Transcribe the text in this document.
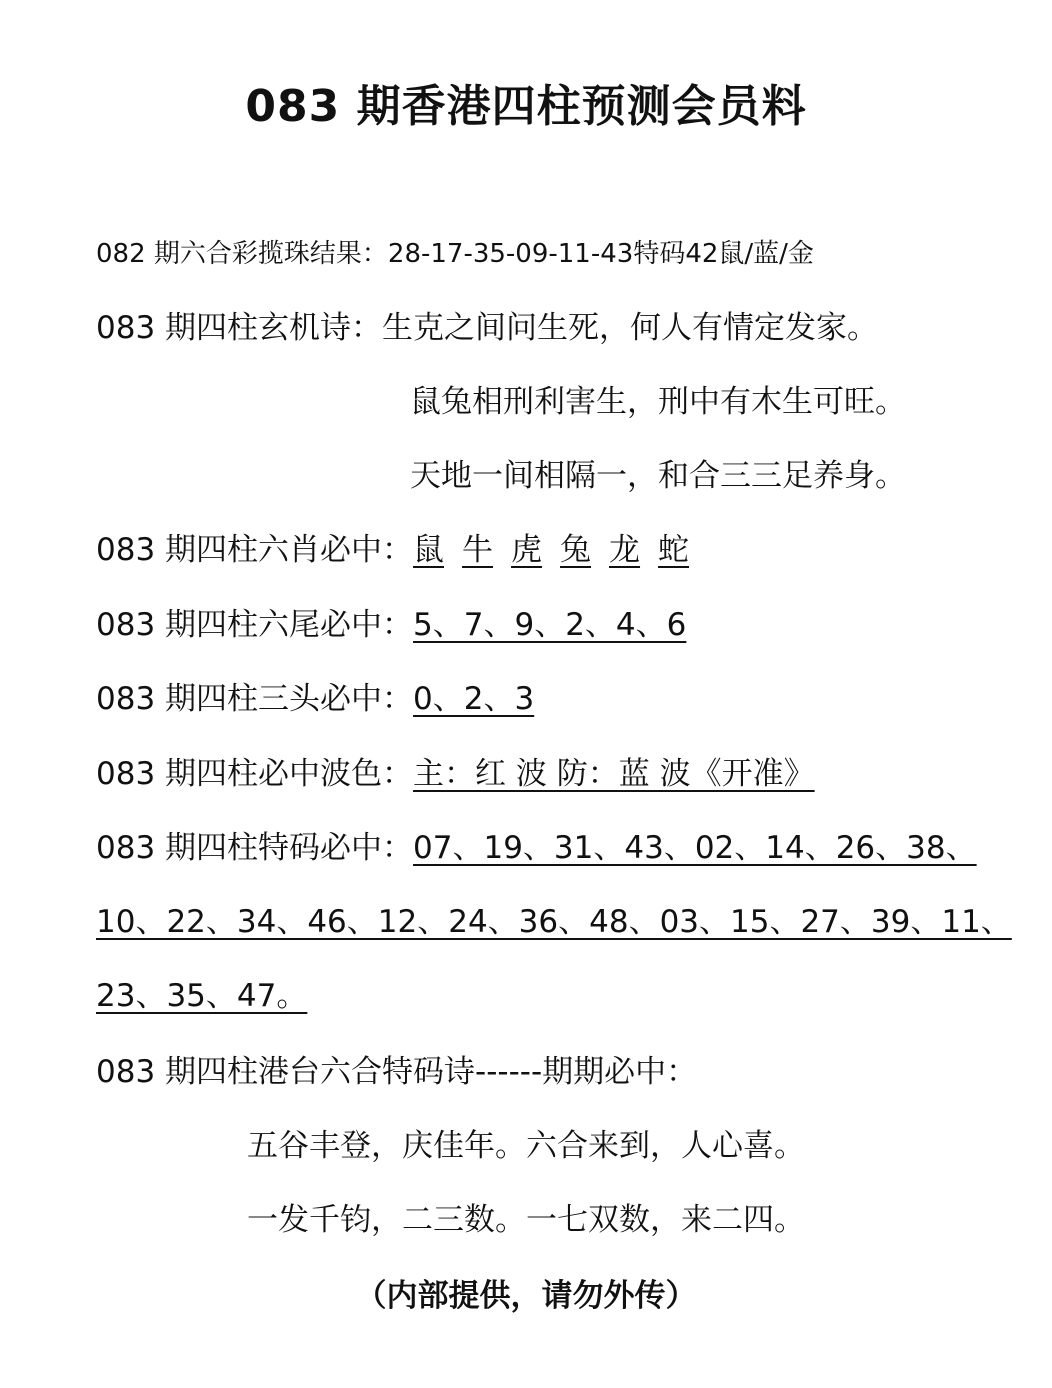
083 期香港四柱预测会员料
082 期六合彩揽珠结果：28-17-35-09-11-43特码42鼠/蓝/金
083 期四柱玄机诗：生克之间问生死，何人有情定发家。
鼠兔相刑利害生，刑中有木生可旺。
天地一间相隔一，和合三三足养身。
083 期四柱六肖必中：鼠 牛 虎 兔 龙 蛇
083 期四柱六尾必中：5、7、9、2、4、6
083 期四柱三头必中：0、2、3
083 期四柱必中波色：主：红 波 防：蓝 波《开准》
083 期四柱特码必中：07、19、31、43、02、14、26、38、
10、22、34、46、12、24、36、48、03、15、27、39、11、
23、35、47。
083 期四柱港台六合特码诗------期期必中：
五谷丰登，庆佳年。六合来到，人心喜。
一发千钧，二三数。一七双数，来二四。
（内部提供，请勿外传）
